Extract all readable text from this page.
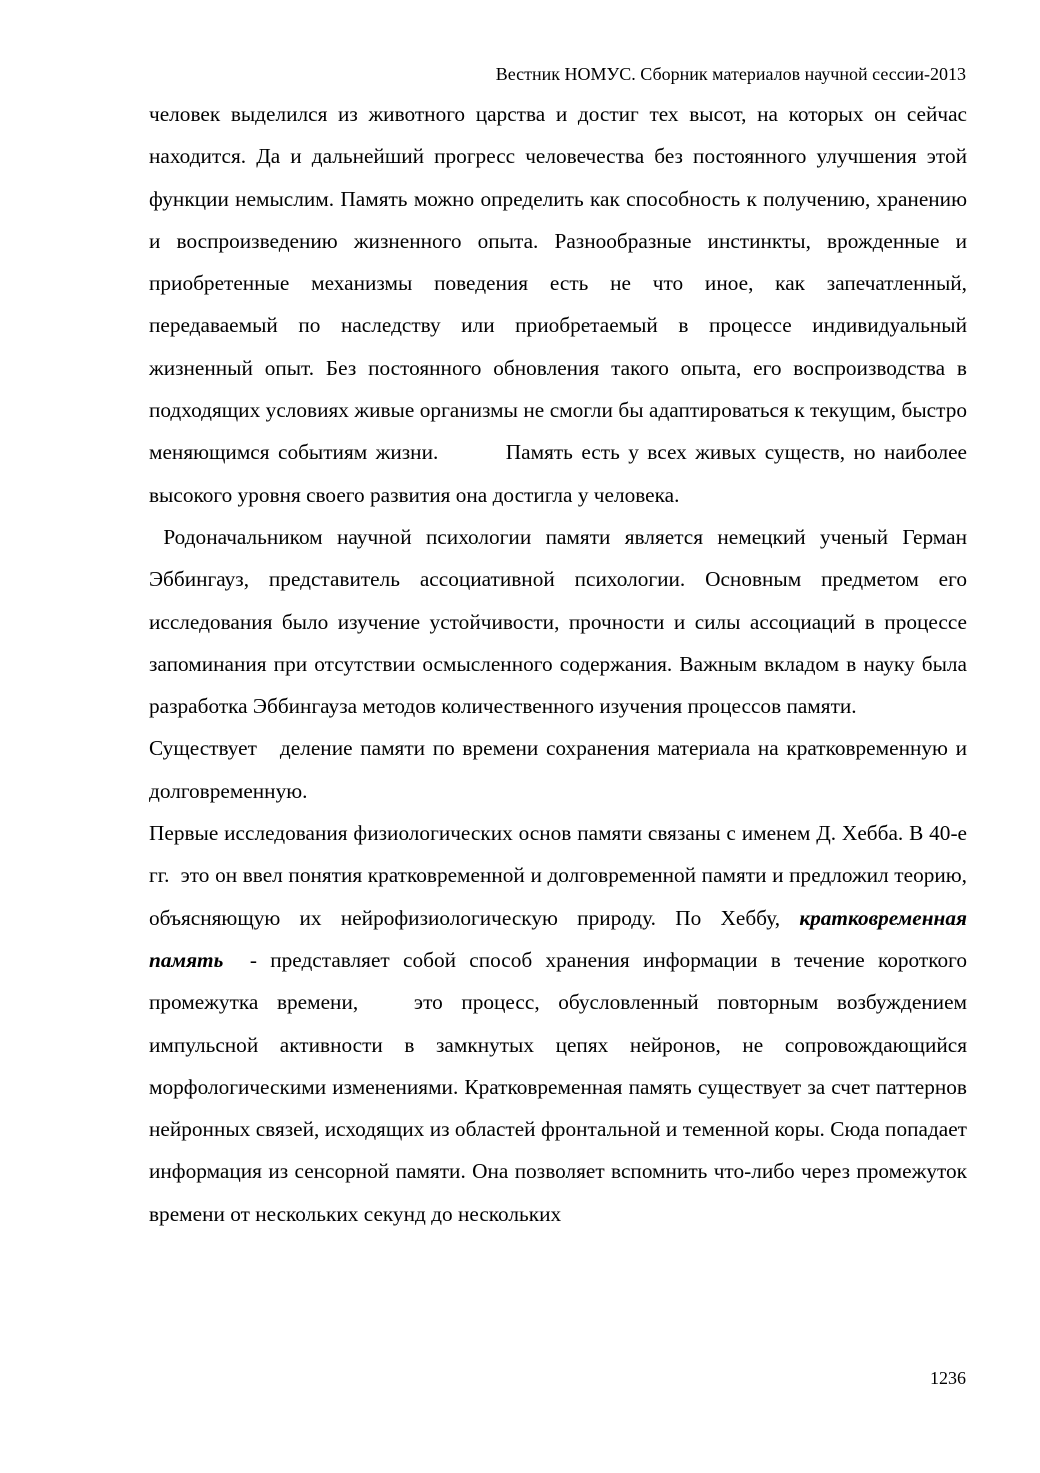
Вестник НОМУС. Сборник материалов научной сессии-2013

человек выделился из животного царства и достиг тех высот, на которых он сейчас находится. Да и дальнейший прогресс человечества без постоянного улучшения этой функции немыслим. Память можно определить как способность к получению, хранению и воспроизведению жизненного опыта. Разнообразные инстинкты, врожденные и приобретенные механизмы поведения есть не что иное, как запечатленный, передаваемый по наследству или приобретаемый в процессе индивидуальный жизненный опыт. Без постоянного обновления такого опыта, его воспроизводства в подходящих условиях живые организмы не смогли бы адаптироваться к текущим, быстро меняющимся событиям жизни.        Память есть у всех живых существ, но наиболее высокого уровня своего развития она достигла у человека.

Родоначальником научной психологии памяти является немецкий ученый Герман Эббингауз, представитель ассоциативной психологии. Основным предметом его исследования было изучение устойчивости, прочности и силы ассоциаций в процессе запоминания при отсутствии осмысленного содержания. Важным вкладом в науку была разработка Эббингауза методов количественного изучения процессов памяти.

Существует   деление памяти по времени сохранения материала на кратковременную и долговременную.

Первые исследования физиологических основ памяти связаны с именем Д. Хебба. В 40-е гг.  это он ввел понятия кратковременной и долговременной памяти и предложил теорию, объясняющую их нейрофизиологическую природу. По Хеббу, кратковременная память  - представляет собой способ хранения информации в течение короткого промежутка времени,   это процесс, обусловленный повторным возбуждением импульсной активности в замкнутых цепях нейронов, не сопровождающийся морфологическими изменениями. Кратковременная память существует за счет паттернов нейронных связей, исходящих из областей фронтальной и теменной коры. Сюда попадает информация из сенсорной памяти. Она позволяет вспомнить что-либо через промежуток времени от нескольких секунд до нескольких

1236
